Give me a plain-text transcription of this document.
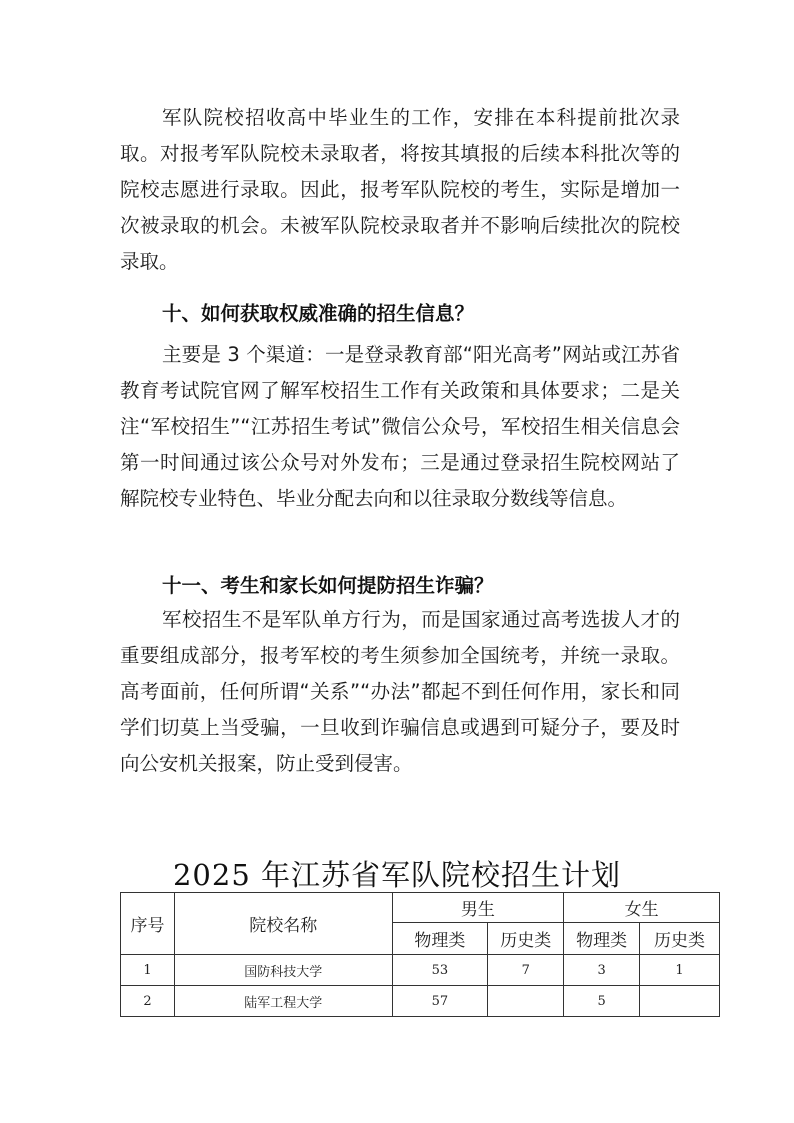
军队院校招收高中毕业生的工作，安排在本科提前批次录取。对报考军队院校未录取者，将按其填报的后续本科批次等的院校志愿进行录取。因此，报考军队院校的考生，实际是增加一次被录取的机会。未被军队院校录取者并不影响后续批次的院校录取。
十、如何获取权威准确的招生信息？
主要是 3 个渠道：一是登录教育部“阳光高考”网站或江苏省教育考试院官网了解军校招生工作有关政策和具体要求；二是关注“军校招生”“江苏招生考试”微信公众号，军校招生相关信息会第一时间通过该公众号对外发布；三是通过登录招生院校网站了解院校专业特色、毕业分配去向和以往录取分数线等信息。
十一、考生和家长如何提防招生诈骗？
军校招生不是军队单方行为，而是国家通过高考选拔人才的重要组成部分，报考军校的考生须参加全国统考，并统一录取。高考面前，任何所谓“关系”“办法”都起不到任何作用，家长和同学们切莫上当受骗，一旦收到诈骗信息或遇到可疑分子，要及时向公安机关报案，防止受到侵害。
2025 年江苏省军队院校招生计划
序号	院校名称	男生		女生	
		物理类	历史类	物理类	历史类
1	国防科技大学	53	7	3	1
2	陆军工程大学	57		5	
